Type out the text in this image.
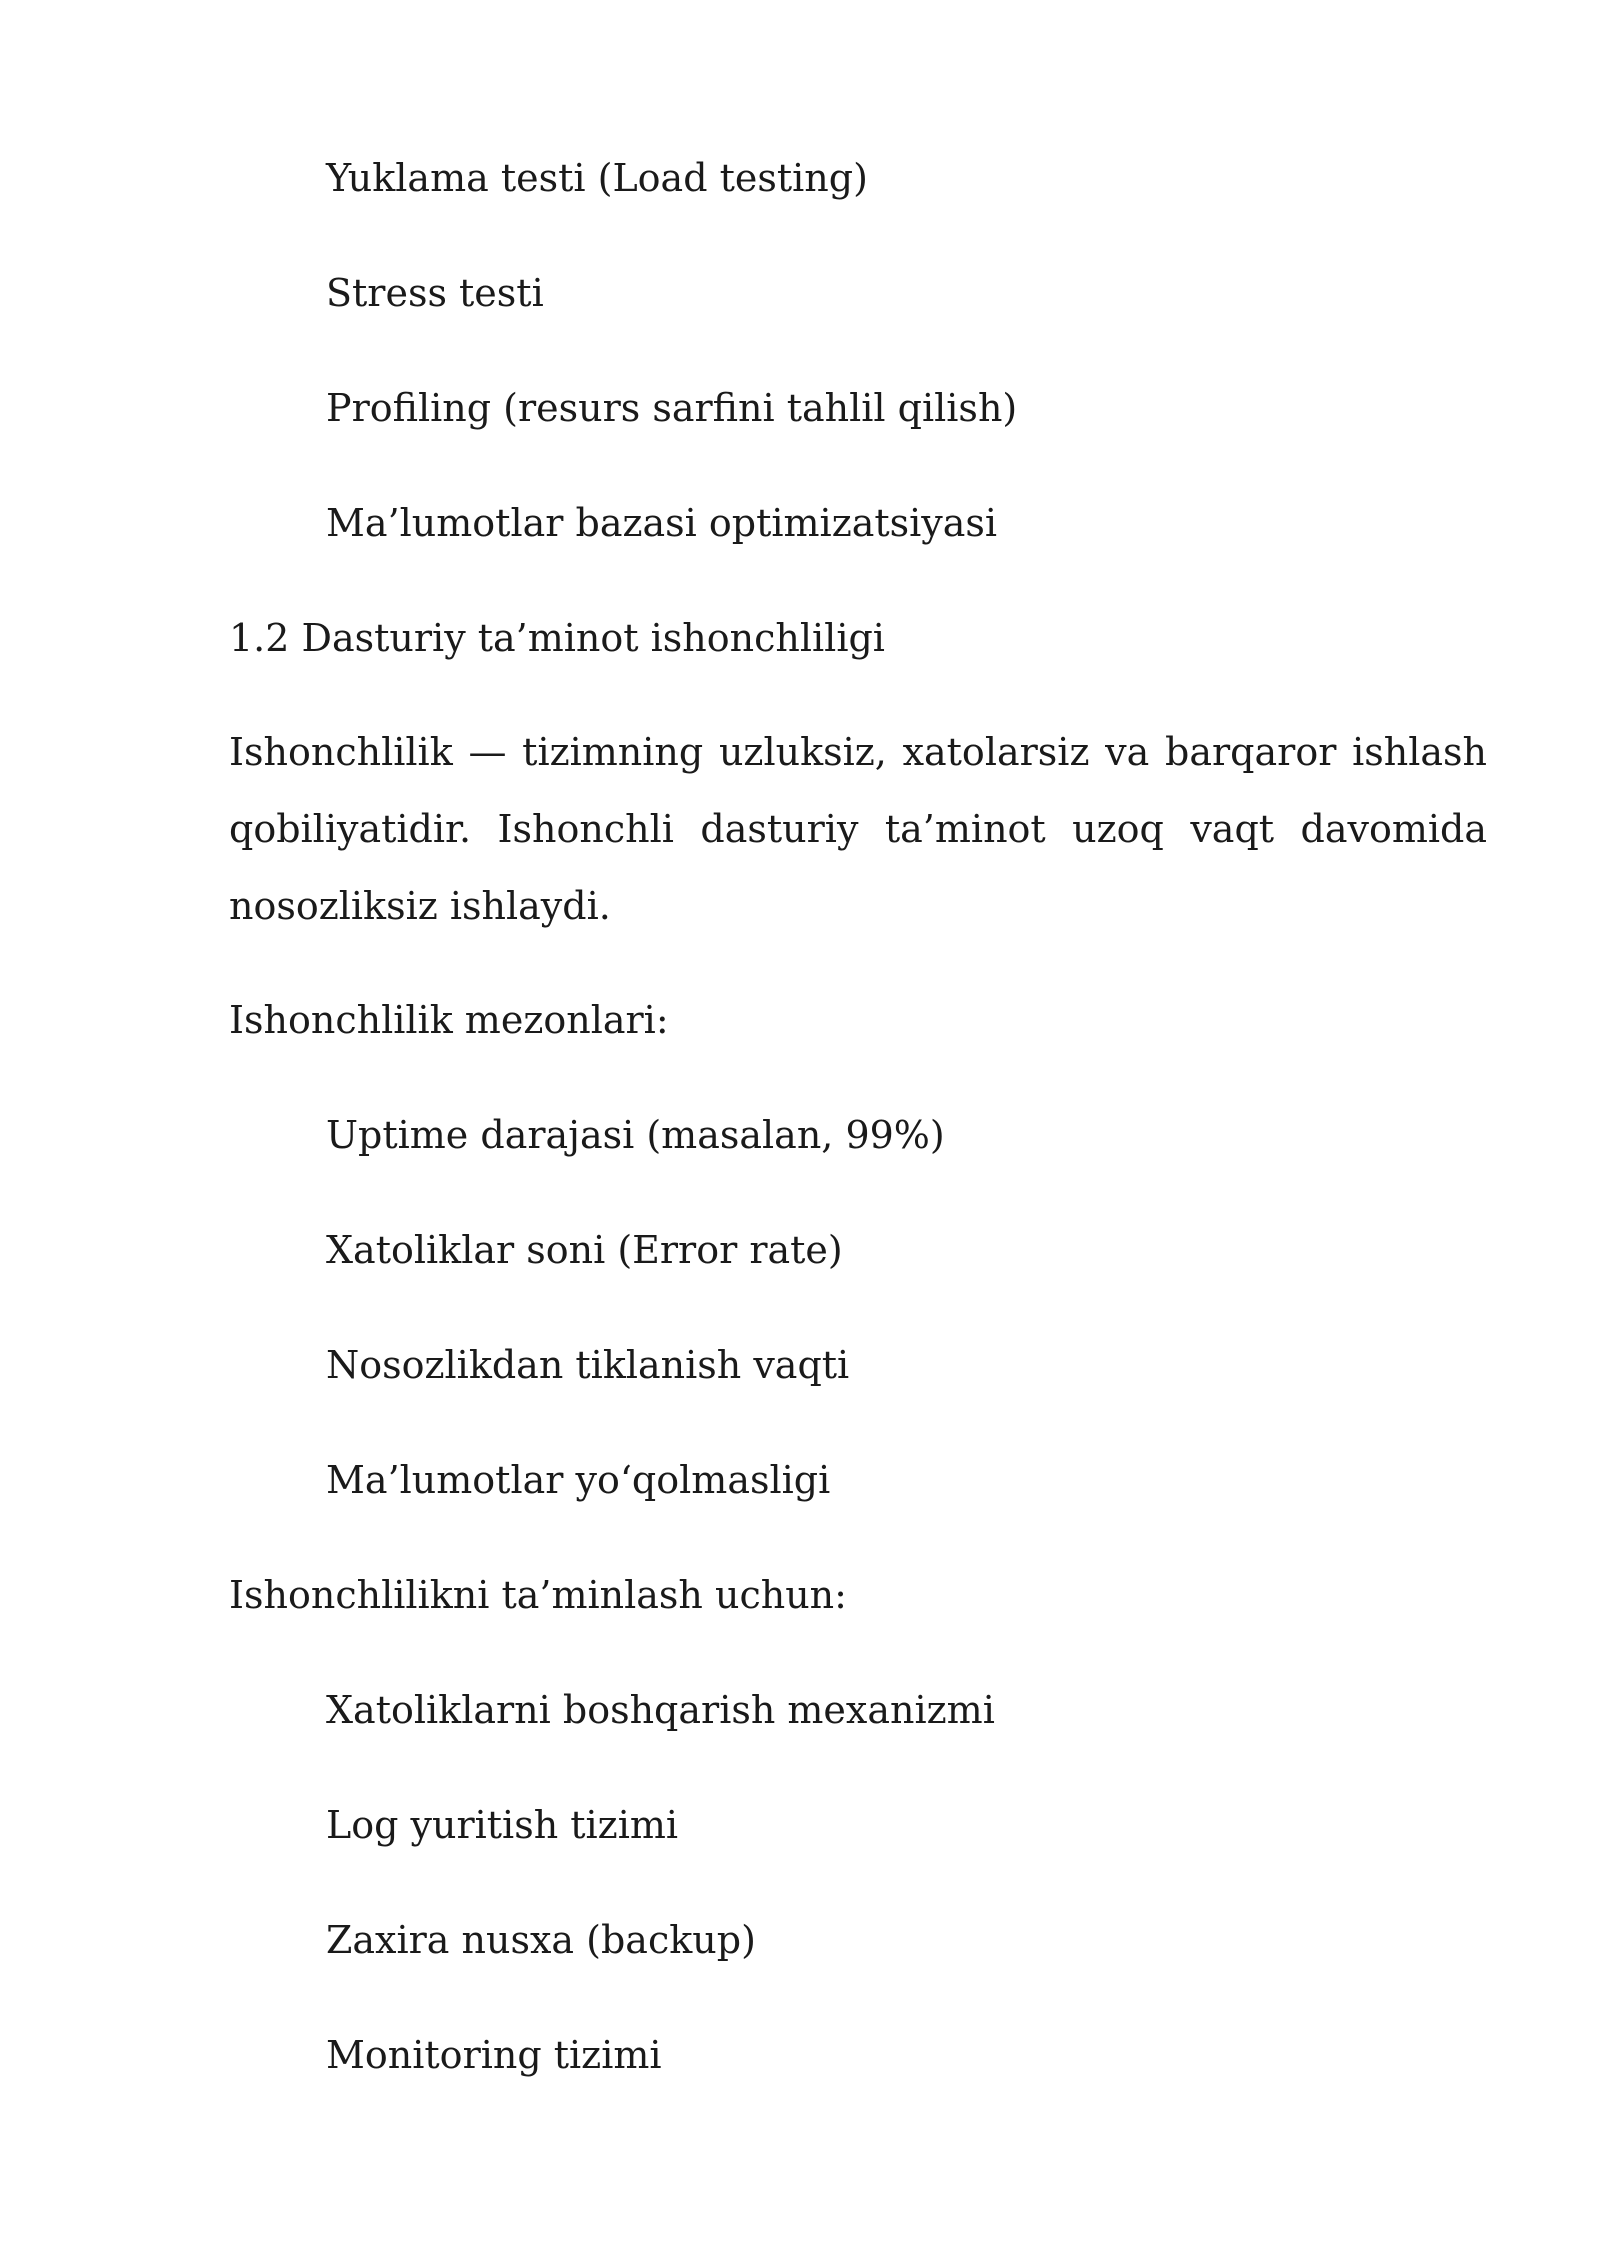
Yuklama testi (Load testing)
Stress testi
Profiling (resurs sarfini tahlil qilish)
Ma’lumotlar bazasi optimizatsiyasi
1.2 Dasturiy ta’minot ishonchliligi
Ishonchlilik — tizimning uzluksiz, xatolarsiz va barqaror ishlash qobiliyatidir. Ishonchli dasturiy ta’minot uzoq vaqt davomida nosozliksiz ishlaydi.
Ishonchlilik mezonlari:
Uptime darajasi (masalan, 99%)
Xatoliklar soni (Error rate)
Nosozlikdan tiklanish vaqti
Ma’lumotlar yo‘qolmasligi
Ishonchlilikni ta’minlash uchun:
Xatoliklarni boshqarish mexanizmi
Log yuritish tizimi
Zaxira nusxa (backup)
Monitoring tizimi
